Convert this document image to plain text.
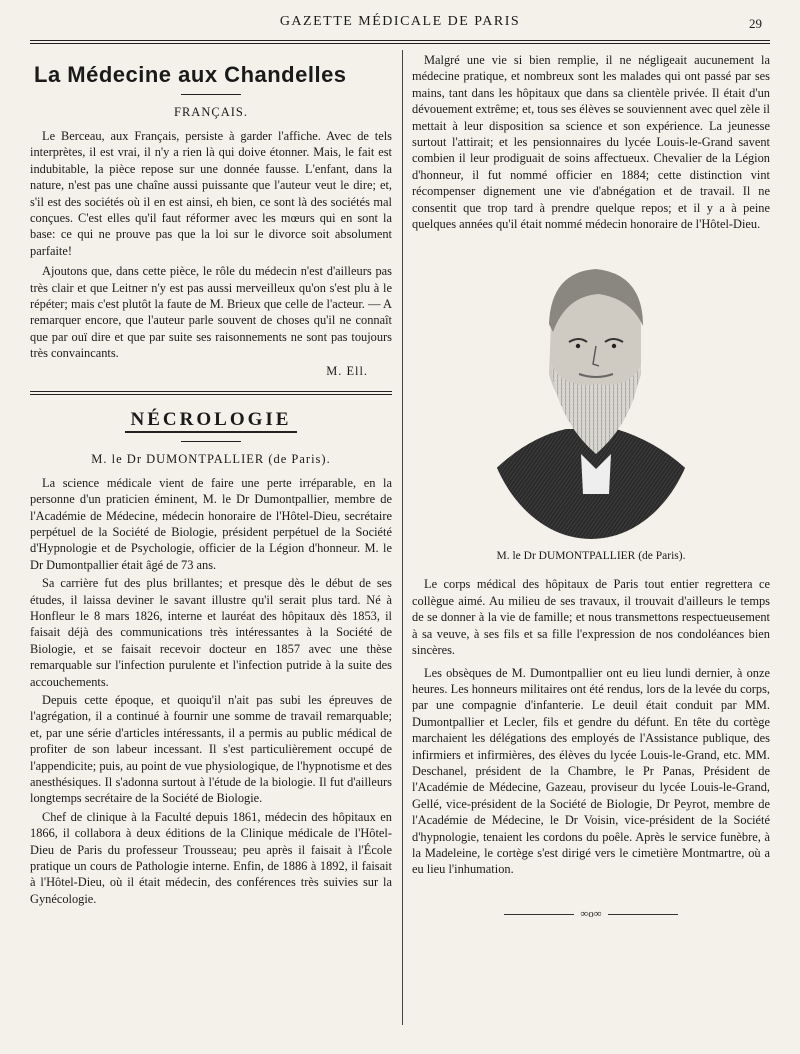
GAZETTE MÉDICALE DE PARIS	29
La Médecine aux Chandelles
FRANÇAIS.

Le Berceau, aux Français, persiste à garder l'affiche. Avec de tels interprètes, il est vrai, il n'y a rien là qui doive étonner. Mais, le fait est indubitable, la pièce repose sur une donnée fausse. L'enfant, dans la nature, n'est pas une chaîne aussi puissante que l'auteur veut le dire; et, s'il est des sociétés où il en est ainsi, eh bien, ce sont là des sociétés mal conçues. C'est elles qu'il faut réformer avec les mœurs qui en sont la base: ce qui ne prouve pas que la loi sur le divorce soit absolument parfaite!

Ajoutons que, dans cette pièce, le rôle du médecin n'est d'ailleurs pas très clair et que Leitner n'y est pas aussi merveilleux qu'on s'est plu à le répéter; mais c'est plutôt la faute de M. Brieux que celle de l'acteur. — A remarquer encore, que l'auteur parle souvent de choses qu'il ne connaît que par ouï dire et que par suite ses raisonnements ne sont pas toujours très convaincants.

M. Ell.
NÉCROLOGIE
M. le Dr DUMONTPALLIER (de Paris).

La science médicale vient de faire une perte irréparable, en la personne d'un praticien éminent, M. le Dr Dumontpallier, membre de l'Académie de Médecine, médecin honoraire de l'Hôtel-Dieu, secrétaire perpétuel de la Société de Biologie, président perpétuel de la Société d'Hypnologie et de Psychologie, officier de la Légion d'honneur. M. le Dr Dumontpallier était âgé de 73 ans.

Sa carrière fut des plus brillantes; et presque dès le début de ses études, il laissa deviner le savant illustre qu'il serait plus tard. Né à Honfleur le 8 mars 1826, interne et lauréat des hôpitaux dès 1853, il faisait déjà des communications très intéressantes à la Société de Biologie, et se faisait recevoir docteur en 1857 avec une thèse remarquable sur l'infection purulente et l'infection putride à la suite des accouchements.

Depuis cette époque, et quoiqu'il n'ait pas subi les épreuves de l'agrégation, il a continué à fournir une somme de travail remarquable; et, par une série d'articles intéressants, il a permis au public médical de profiter de son labeur incessant. Il s'est particulièrement occupé de l'appendicite; puis, au point de vue physiologique, de l'hypnotisme et des anesthésiques. Il s'adonna surtout à l'étude de la biologie. Il fut d'ailleurs longtemps secrétaire de la Société de Biologie.

Chef de clinique à la Faculté depuis 1861, médecin des hôpitaux en 1866, il collabora à deux éditions de la Clinique médicale de l'Hôtel-Dieu de Paris du professeur Trousseau; peu après il faisait à l'École pratique un cours de Pathologie interne. Enfin, de 1886 à 1892, il faisait à l'Hôtel-Dieu, où il était médecin, des conférences très suivies sur la Gynécologie.

Malgré une vie si bien remplie, il ne négligeait aucunement la médecine pratique, et nombreux sont les malades qui ont passé par ses mains, tant dans les hôpitaux que dans sa clientèle privée. Il était d'un dévouement extrême; et, tous ses élèves se souviennent avec quel zèle il mettait à leur disposition sa science et son expérience. La jeunesse surtout l'attirait; et les pensionnaires du lycée Louis-le-Grand savent combien il leur prodiguait de soins affectueux. Chevalier de la Légion d'honneur, il fut nommé officier en 1884; cette distinction vint récompenser dignement une vie d'abnégation et de travail. Il ne consentit que trop tard à prendre quelque repos; et il y a à peine quelques années qu'il était nommé médecin honoraire de l'Hôtel-Dieu.

M. le Dr DUMONTPALLIER (de Paris).

Le corps médical des hôpitaux de Paris tout entier regrettera ce collègue aimé. Au milieu de ses travaux, il trouvait d'ailleurs le temps de se donner à la vie de famille; et nous transmettons respectueusement à sa veuve, à ses fils et sa fille l'expression de nos condoléances bien sincères.

Les obsèques de M. Dumontpallier ont eu lieu lundi dernier, à onze heures. Les honneurs militaires ont été rendus, lors de la levée du corps, par une compagnie d'infanterie. Le deuil était conduit par MM. Dumontpallier et Lecler, fils et gendre du défunt. En tête du cortège marchaient les délégations des employés de l'Assistance publique, des infirmiers et infirmières, des élèves du lycée Louis-le-Grand, etc. MM. Deschanel, président de la Chambre, le Pr Panas, Président de l'Académie de Médecine, Gazeau, proviseur du lycée Louis-le-Grand, Gellé, vice-président de la Société de Biologie, Dr Peyrot, membre de l'Académie de Médecine, le Dr Voisin, vice-président de la Société d'hypnologie, tenaient les cordons du poêle. Après le service funèbre, à la Madeleine, le cortège s'est dirigé vers le cimetière Montmartre, où a eu lieu l'inhumation.

∞o∞
